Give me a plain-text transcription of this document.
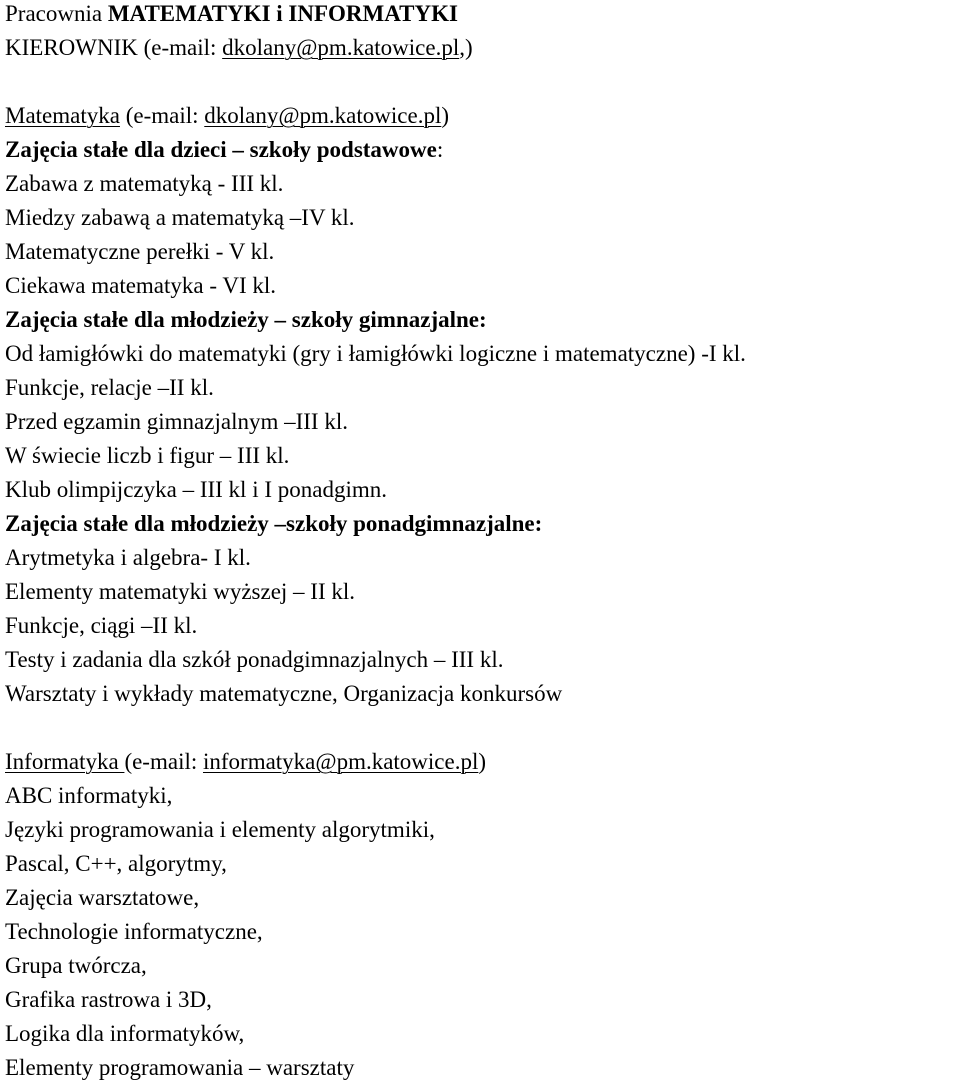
Pracownia MATEMATYKI i INFORMATYKI
KIEROWNIK (e-mail: dkolany@pm.katowice.pl,)
Matematyka (e-mail: dkolany@pm.katowice.pl)
Zajęcia stałe dla dzieci – szkoły podstawowe:
Zabawa z matematyką - III kl.
Miedzy zabawą a matematyką –IV kl.
Matematyczne perełki - V kl.
Ciekawa matematyka - VI kl.
Zajęcia stałe dla młodzieży – szkoły gimnazjalne:
Od łamigłówki do matematyki (gry i łamigłówki logiczne i matematyczne) -I kl.
Funkcje, relacje –II kl.
Przed egzamin gimnazjalnym –III kl.
W świecie liczb i figur – III kl.
Klub olimpijczyka – III kl i I ponadgimn.
Zajęcia stałe dla młodzieży –szkoły ponadgimnazjalne:
Arytmetyka i algebra- I kl.
Elementy matematyki wyższej – II kl.
Funkcje, ciągi –II kl.
Testy i zadania dla szkół ponadgimnazjalnych – III kl.
Warsztaty i wykłady matematyczne, Organizacja konkursów
Informatyka (e-mail: informatyka@pm.katowice.pl)
ABC informatyki,
Języki programowania i elementy algorytmiki,
Pascal, C++, algorytmy,
Zajęcia warsztatowe,
Technologie informatyczne,
Grupa twórcza,
Grafika rastrowa i 3D,
Logika dla informatyków,
Elementy programowania – warsztaty
